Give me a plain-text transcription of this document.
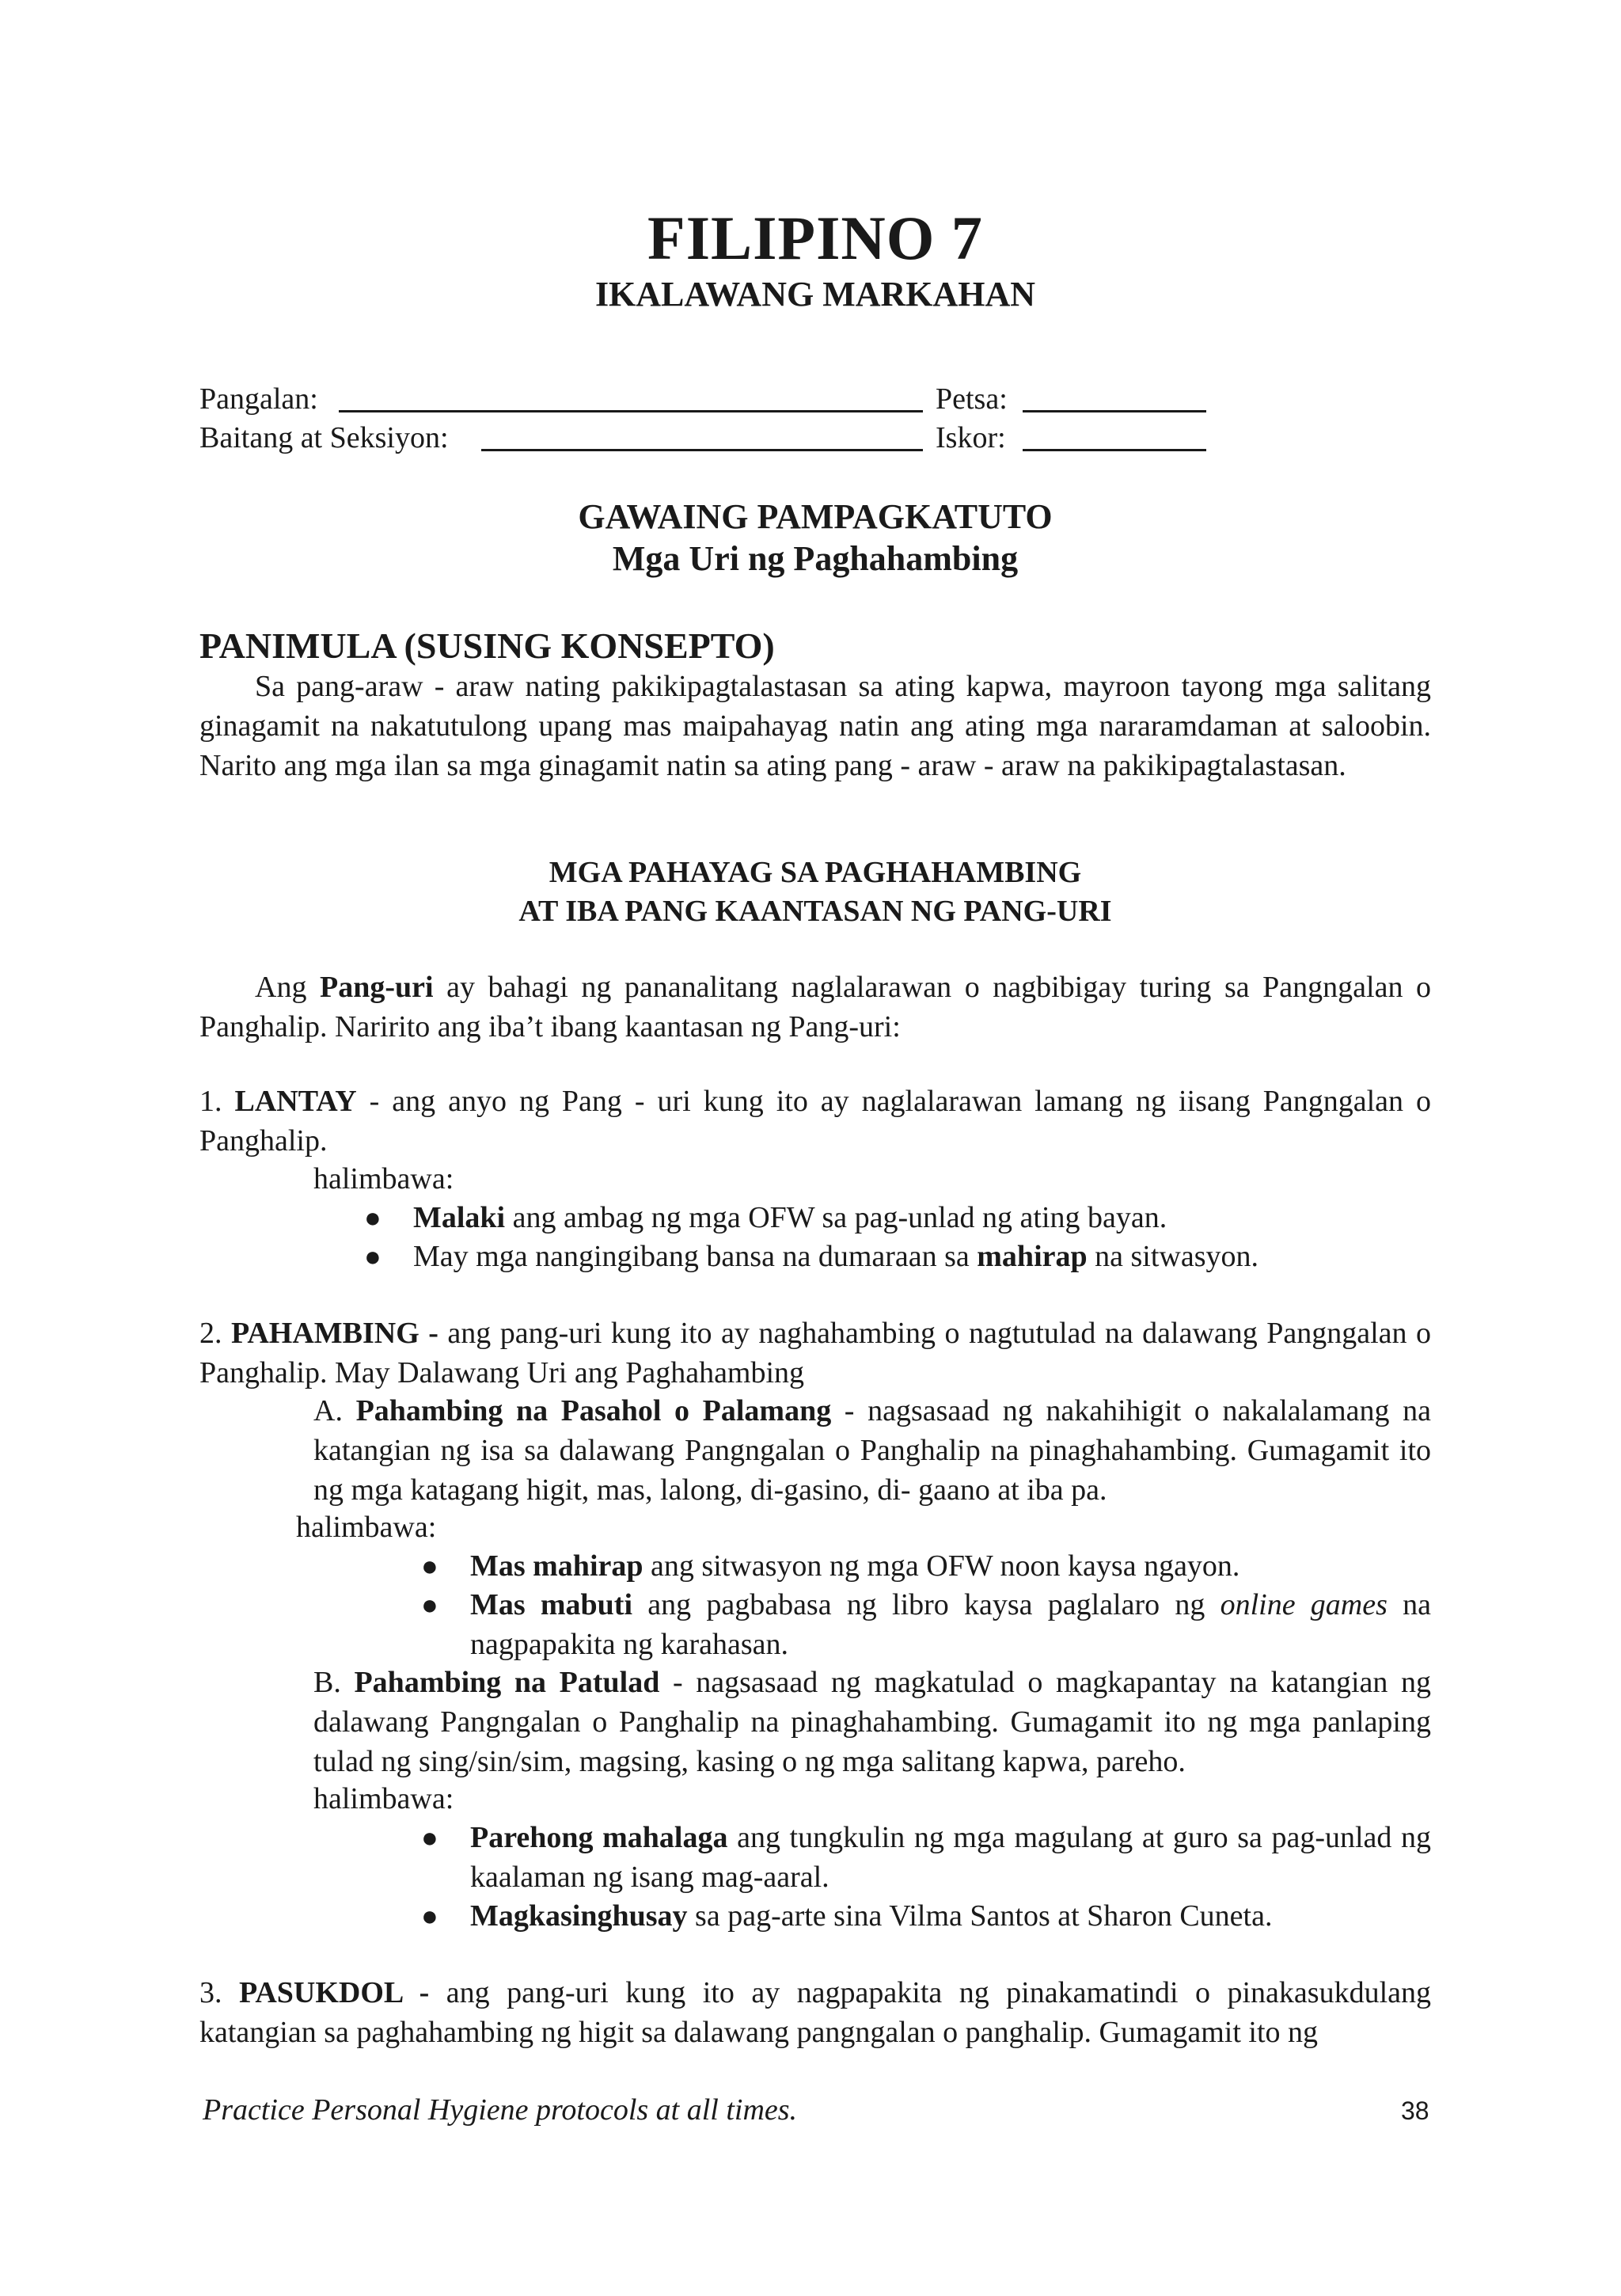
FILIPINO 7
IKALAWANG MARKAHAN
Pangalan:	Petsa:
Baitang at Seksiyon:	Iskor:
GAWAING PAMPAGKATUTO
Mga Uri ng Paghahambing
PANIMULA (SUSING KONSEPTO)
Sa pang-araw - araw nating pakikipagtalastasan sa ating kapwa, mayroon tayong mga salitang ginagamit na nakatutulong upang mas maipahayag natin ang ating mga nararamdaman at saloobin. Narito ang mga ilan sa mga ginagamit natin sa ating pang - araw - araw na pakikipagtalastasan.
MGA PAHAYAG SA PAGHAHAMBING
AT IBA PANG KAANTASAN NG PANG-URI
Ang Pang-uri ay bahagi ng pananalitang naglalarawan o nagbibigay turing sa Pangngalan o Panghalip. Naririto ang iba’t ibang kaantasan ng Pang-uri:
1. LANTAY - ang anyo ng Pang - uri kung ito ay naglalarawan lamang ng iisang Pangngalan o Panghalip.
halimbawa:
● Malaki ang ambag ng mga OFW sa pag-unlad ng ating bayan.
● May mga nangingibang bansa na dumaraan sa mahirap na sitwasyon.
2. PAHAMBING - ang pang-uri kung ito ay naghahambing o nagtutulad na dalawang Pangngalan o Panghalip. May Dalawang Uri ang Paghahambing
A. Pahambing na Pasahol o Palamang - nagsasaad ng nakahihigit o nakalalamang na katangian ng isa sa dalawang Pangngalan o Panghalip na pinaghahambing. Gumagamit ito ng mga katagang higit, mas, lalong, di-gasino, di- gaano at iba pa.
halimbawa:
● Mas mahirap ang sitwasyon ng mga OFW noon kaysa ngayon.
● Mas mabuti ang pagbabasa ng libro kaysa paglalaro ng online games na nagpapakita ng karahasan.
B. Pahambing na Patulad - nagsasaad ng magkatulad o magkapantay na katangian ng dalawang Pangngalan o Panghalip na pinaghahambing. Gumagamit ito ng mga panlaping tulad ng sing/sin/sim, magsing, kasing o ng mga salitang kapwa, pareho.
halimbawa:
● Parehong mahalaga ang tungkulin ng mga magulang at guro sa pag-unlad ng kaalaman ng isang mag-aaral.
● Magkasinghusay sa pag-arte sina Vilma Santos at Sharon Cuneta.
3. PASUKDOL - ang pang-uri kung ito ay nagpapakita ng pinakamatindi o pinakasukdulang katangian sa paghahambing ng higit sa dalawang pangngalan o panghalip. Gumagamit ito ng
Practice Personal Hygiene protocols at all times.	38
